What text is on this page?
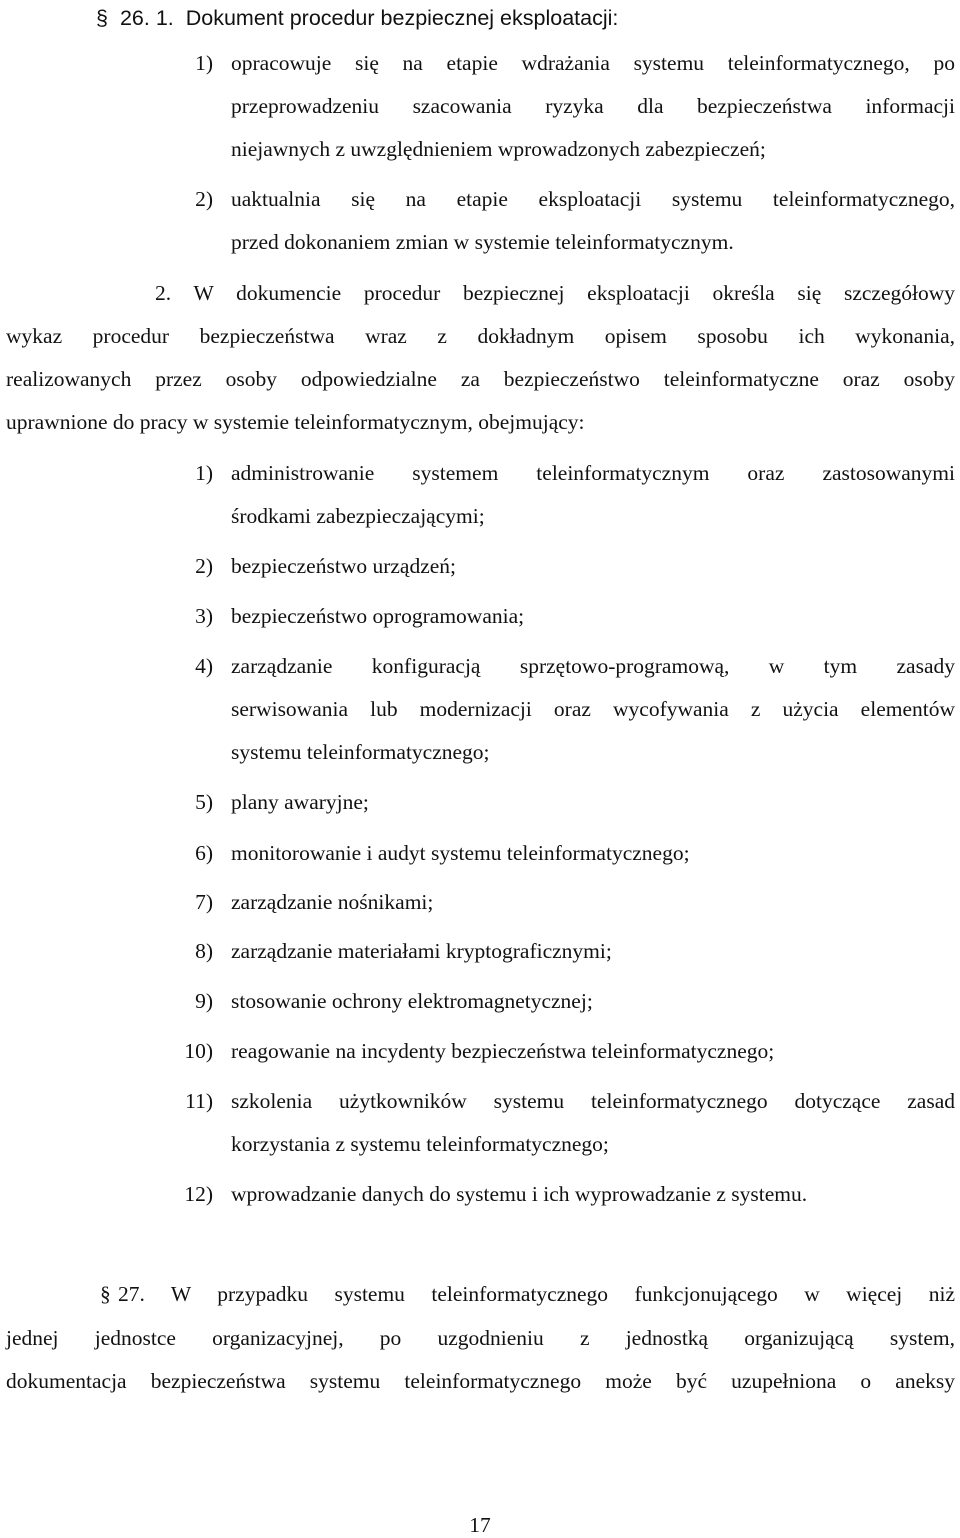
§ 26. 1. Dokument procedur bezpiecznej eksploatacji:
1) opracowuje się na etapie wdrażania systemu teleinformatycznego, po
przeprowadzeniu szacowania ryzyka dla bezpieczeństwa informacji
niejawnych z uwzględnieniem wprowadzonych zabezpieczeń;
2) uaktualnia się na etapie eksploatacji systemu teleinformatycznego,
przed dokonaniem zmian w systemie teleinformatycznym.
2. W dokumencie procedur bezpiecznej eksploatacji określa się szczegółowy
wykaz procedur bezpieczeństwa wraz z dokładnym opisem sposobu ich wykonania,
realizowanych przez osoby odpowiedzialne za bezpieczeństwo teleinformatyczne oraz osoby
uprawnione do pracy w systemie teleinformatycznym, obejmujący:
1) administrowanie systemem teleinformatycznym oraz zastosowanymi
środkami zabezpieczającymi;
2) bezpieczeństwo urządzeń;
3) bezpieczeństwo oprogramowania;
4) zarządzanie konfiguracją sprzętowo-programową, w tym zasady
serwisowania lub modernizacji oraz wycofywania z użycia elementów
systemu teleinformatycznego;
5) plany awaryjne;
6) monitorowanie i audyt systemu teleinformatycznego;
7) zarządzanie nośnikami;
8) zarządzanie materiałami kryptograficznymi;
9) stosowanie ochrony elektromagnetycznej;
10) reagowanie na incydenty bezpieczeństwa teleinformatycznego;
11) szkolenia użytkowników systemu teleinformatycznego dotyczące zasad
korzystania z systemu teleinformatycznego;
12) wprowadzanie danych do systemu i ich wyprowadzanie z systemu.
§ 27. W przypadku systemu teleinformatycznego funkcjonującego w więcej niż
jednej jednostce organizacyjnej, po uzgodnieniu z jednostką organizującą system,
dokumentacja bezpieczeństwa systemu teleinformatycznego może być uzupełniona o aneksy
17
